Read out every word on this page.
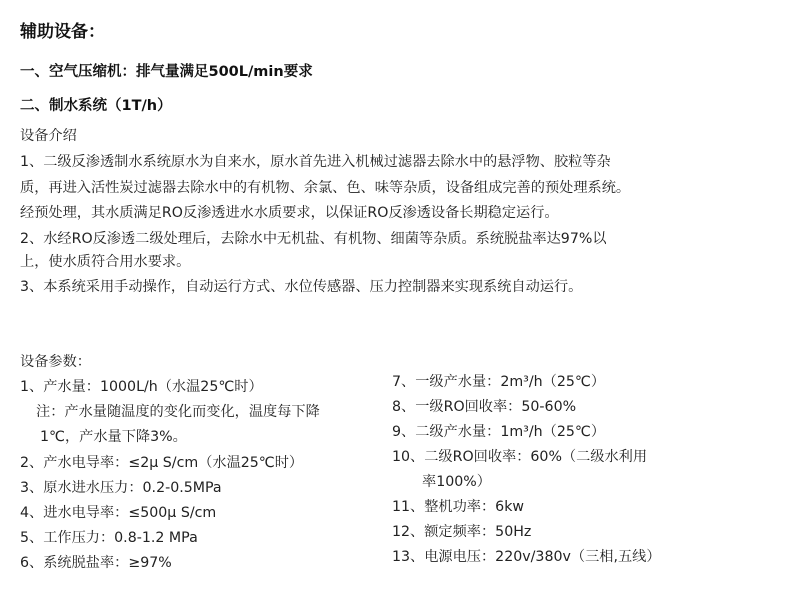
辅助设备：
一、空气压缩机：排气量满足500L/min要求
二、制水系统（1T/h）
设备介绍
1、二级反渗透制水系统原水为自来水，原水首先进入机械过滤器去除水中的悬浮物、胶粒等杂
质，再进入活性炭过滤器去除水中的有机物、余氯、色、味等杂质，设备组成完善的预处理系统。
经预处理，其水质满足RO反渗透进水水质要求，以保证RO反渗透设备长期稳定运行。
2、水经RO反渗透二级处理后，去除水中无机盐、有机物、细菌等杂质。系统脱盐率达97%以
上，使水质符合用水要求。
3、本系统采用手动操作，自动运行方式、水位传感器、压力控制器来实现系统自动运行。
设备参数：
1、产水量：1000L/h（水温25℃时）
注：产水量随温度的变化而变化，温度每下降
1℃，产水量下降3%。
2、产水电导率：≤2μ S/cm（水温25℃时）
3、原水进水压力：0.2-0.5MPa
4、进水电导率：≤500μ S/cm
5、工作压力：0.8-1.2 MPa
6、系统脱盐率：≥97%
7、一级产水量：2m³/h（25℃）
8、一级RO回收率：50-60%
9、二级产水量：1m³/h（25℃）
10、二级RO回收率：60%（二级水利用
率100%）
11、整机功率：6kw
12、额定频率：50Hz
13、电源电压：220v/380v（三相,五线）
